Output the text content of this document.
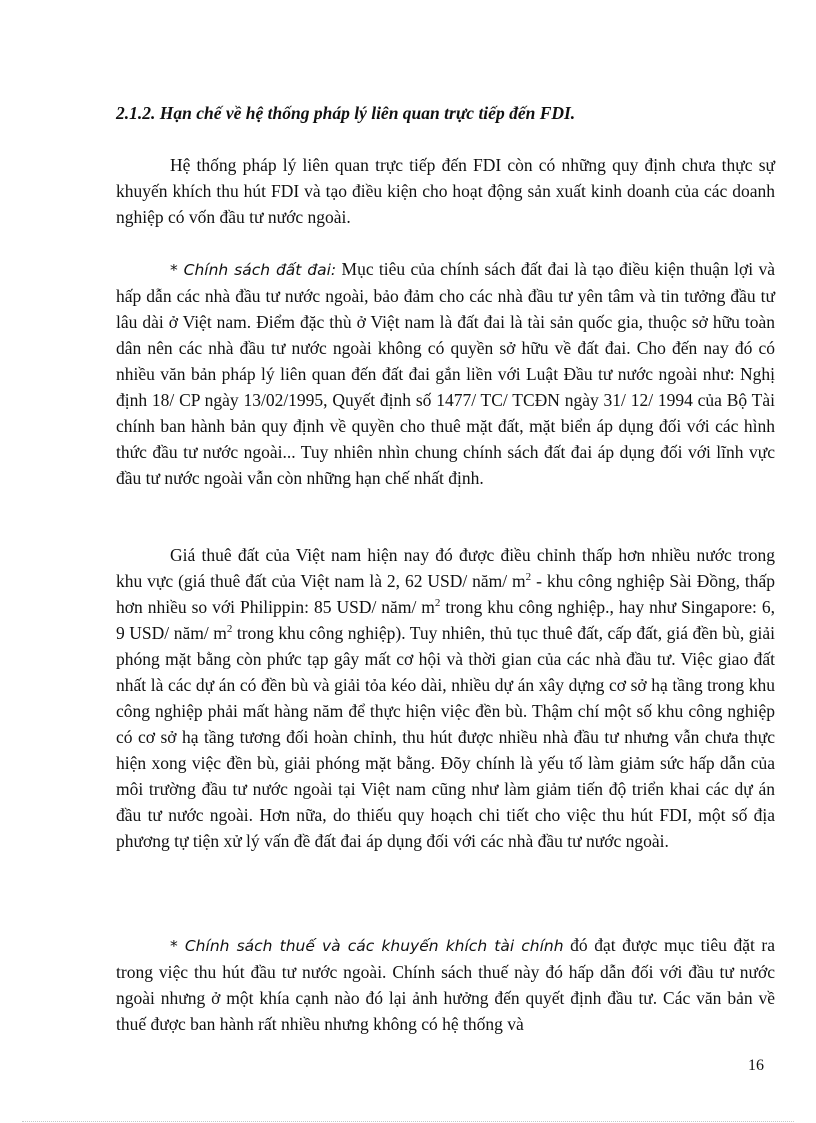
2.1.2. Hạn chế về hệ thống pháp lý liên quan trực tiếp đến FDI.

Hệ thống pháp lý liên quan trực tiếp đến FDI còn có những quy định chưa thực sự khuyến khích thu hút FDI và tạo điều kiện cho hoạt động sản xuất kinh doanh của các doanh nghiệp có vốn đầu tư nước ngoài.

* Chính sách đất đai: Mục tiêu của chính sách đất đai là tạo điều kiện thuận lợi và hấp dẫn các nhà đầu tư nước ngoài, bảo đảm cho các nhà đầu tư yên tâm và tin tưởng đầu tư lâu dài ở Việt nam. Điểm đặc thù ở Việt nam là đất đai là tài sản quốc gia, thuộc sở hữu toàn dân nên các nhà đầu tư nước ngoài không có quyền sở hữu về đất đai. Cho đến nay đó có nhiều văn bản pháp lý liên quan đến đất đai gắn liền với Luật Đầu tư nước ngoài như: Nghị định 18/ CP ngày 13/02/1995, Quyết định số 1477/ TC/ TCĐN ngày 31/ 12/ 1994 của Bộ Tài chính ban hành bản quy định về quyền cho thuê mặt đất, mặt biển áp dụng đối với các hình thức đầu tư nước ngoài... Tuy nhiên nhìn chung chính sách đất đai áp dụng đối với lĩnh vực đầu tư nước ngoài vẫn còn những hạn chế nhất định.

Giá thuê đất của Việt nam hiện nay đó được điều chỉnh thấp hơn nhiều nước trong khu vực (giá thuê đất của Việt nam là 2, 62 USD/ năm/ $m^2$ - khu công nghiệp Sài Đồng, thấp hơn nhiều so với Philippin: 85 USD/ năm/ $m^2$ trong khu công nghiệp., hay như Singapore: 6, 9 USD/ năm/ $m^2$ trong khu công nghiệp). Tuy nhiên, thủ tục thuê đất, cấp đất, giá đền bù, giải phóng mặt bằng còn phức tạp gây mất cơ hội và thời gian của các nhà đầu tư. Việc giao đất nhất là các dự án có đền bù và giải tỏa kéo dài, nhiều dự án xây dựng cơ sở hạ tầng trong khu công nghiệp phải mất hàng năm để thực hiện việc đền bù. Thậm chí một số khu công nghiệp có cơ sở hạ tầng tương đối hoàn chỉnh, thu hút được nhiều nhà đầu tư nhưng vẫn chưa thực hiện xong việc đền bù, giải phóng mặt bằng. Đõy chính là yếu tố làm giảm sức hấp dẫn của môi trường đầu tư nước ngoài tại Việt nam cũng như làm giảm tiến độ triển khai các dự án đầu tư nước ngoài. Hơn nữa, do thiếu quy hoạch chi tiết cho việc thu hút FDI, một số địa phương tự tiện xử lý vấn đề đất đai áp dụng đối với các nhà đầu tư nước ngoài.

* Chính sách thuế và các khuyến khích tài chính đó đạt được mục tiêu đặt ra trong việc thu hút đầu tư nước ngoài. Chính sách thuế này đó hấp dẫn đối với đầu tư nước ngoài nhưng ở một khía cạnh nào đó lại ảnh hưởng đến quyết định đầu tư. Các văn bản về thuế được ban hành rất nhiều nhưng không có hệ thống và

16
